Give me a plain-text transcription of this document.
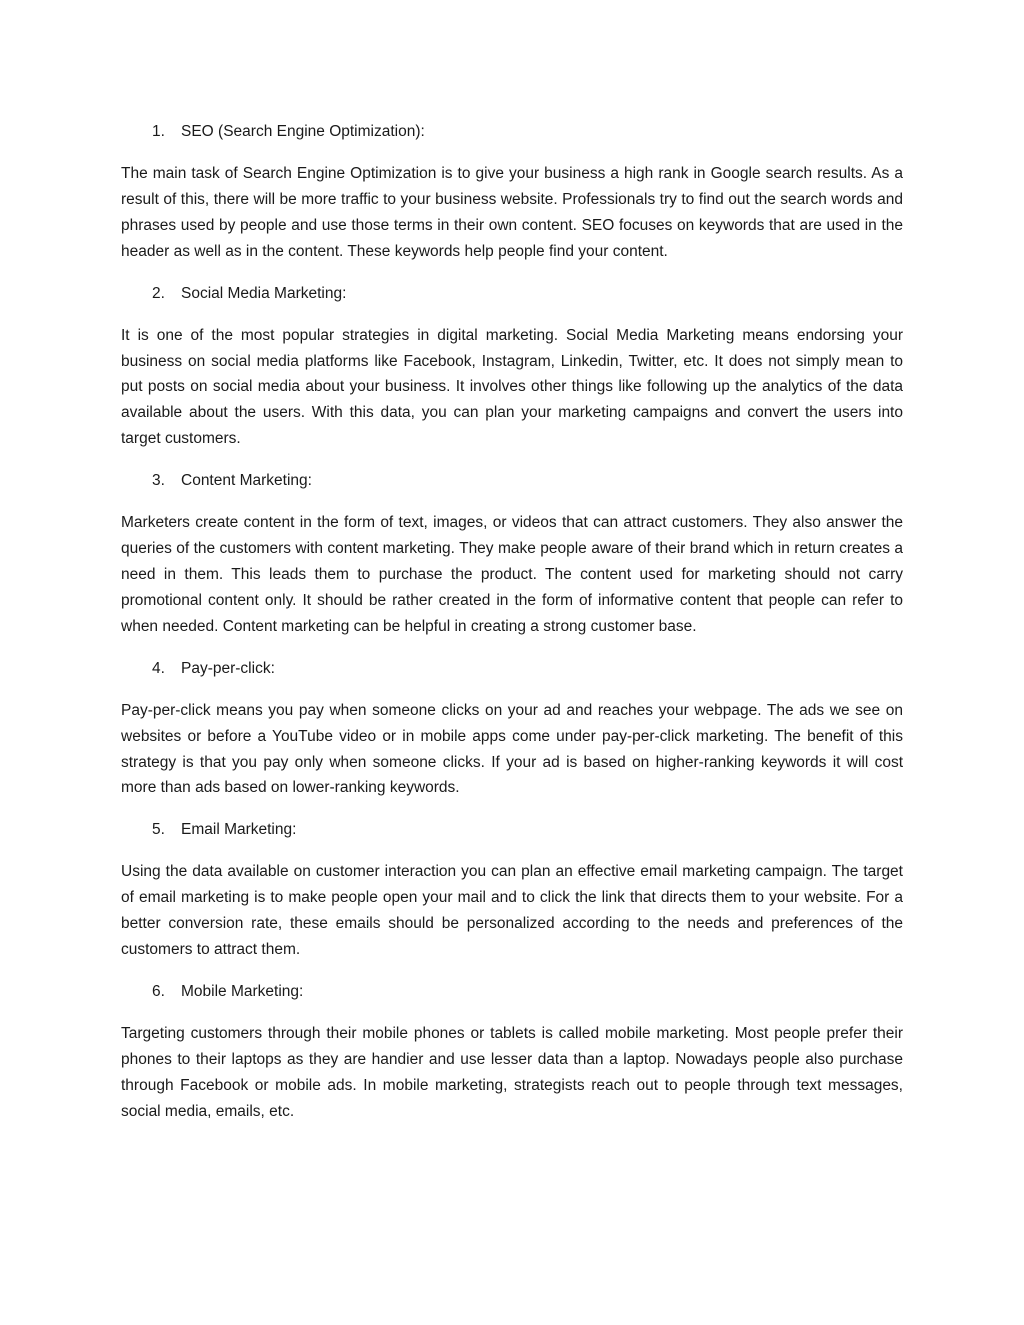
1.	SEO (Search Engine Optimization):

The main task of Search Engine Optimization is to give your business a high rank in Google search results. As a result of this, there will be more traffic to your business website. Professionals try to find out the search words and phrases used by people and use those terms in their own content. SEO focuses on keywords that are used in the header as well as in the content. These keywords help people find your content.

2.	Social Media Marketing:

It is one of the most popular strategies in digital marketing. Social Media Marketing means endorsing your business on social media platforms like Facebook, Instagram, Linkedin, Twitter, etc. It does not simply mean to put posts on social media about your business. It involves other things like following up the analytics of the data available about the users. With this data, you can plan your marketing campaigns and convert the users into target customers.

3.	Content Marketing:

Marketers create content in the form of text, images, or videos that can attract customers. They also answer the queries of the customers with content marketing. They make people aware of their brand which in return creates a need in them. This leads them to purchase the product. The content used for marketing should not carry promotional content only. It should be rather created in the form of informative content that people can refer to when needed. Content marketing can be helpful in creating a strong customer base.

4.	Pay-per-click:

Pay-per-click means you pay when someone clicks on your ad and reaches your webpage. The ads we see on websites or before a YouTube video or in mobile apps come under pay-per-click marketing. The benefit of this strategy is that you pay only when someone clicks. If your ad is based on higher-ranking keywords it will cost more than ads based on lower-ranking keywords.

5.	Email Marketing:

Using the data available on customer interaction you can plan an effective email marketing campaign. The target of email marketing is to make people open your mail and to click the link that directs them to your website. For a better conversion rate, these emails should be personalized according to the needs and preferences of the customers to attract them.

6.	Mobile Marketing:

Targeting customers through their mobile phones or tablets is called mobile marketing. Most people prefer their phones to their laptops as they are handier and use lesser data than a laptop. Nowadays people also purchase through Facebook or mobile ads. In mobile marketing, strategists reach out to people through text messages, social media, emails, etc.
